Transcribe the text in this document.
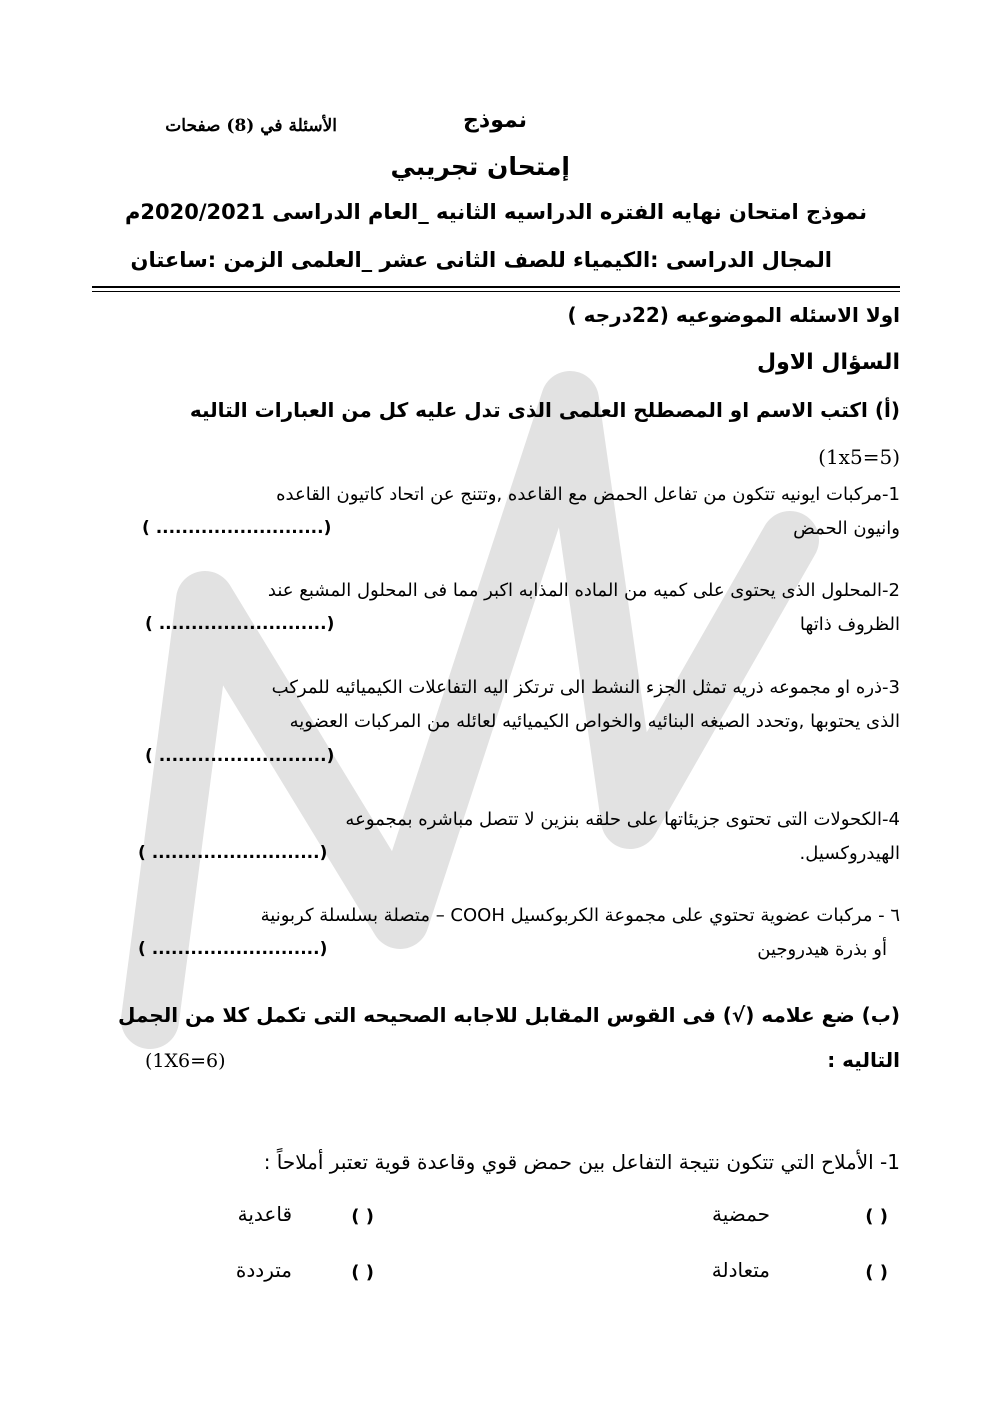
نموذج
الأسئلة في (8) صفحات
إمتحان تجريبي
نموذج امتحان نهايه الفتره الدراسيه الثانيه _العام الدراسى 2020/2021م
المجال الدراسى :الكيمياء للصف الثانى عشر _العلمى الزمن :ساعتان
اولا الاسئله الموضوعيه (22درجه )
السؤال الاول
(أ) اكتب الاسم او المصطلح العلمى الذى تدل عليه كل من العبارات التاليه
(5=1x5)
1-مركبات ايونيه تتكون من تفاعل الحمض مع القاعده ,وتتنج عن اتحاد كاتيون القاعده
وانيون الحمض
(.......................... )
2-المحلول الذى يحتوى على كميه من الماده المذابه اكبر مما فى المحلول المشبع عند
الظروف ذاتها
(.......................... )
3-ذره او مجموعه ذريه تمثل الجزء النشط الى ترتكز اليه التفاعلات الكيميائيه للمركب
الذى يحتوبها ,وتحدد الصيغه البنائيه والخواص الكيميائيه لعائله من المركبات العضويه
(.......................... )
4-الكحولات التى تحتوى جزيئاتها على حلقه بنزين لا تتصل مباشره بمجموعه
الهيدروكسيل.
(.......................... )
٦ - مركبات عضوية تحتوي على مجموعة الكربوكسيل COOH – متصلة بسلسلة كربونية
أو بذرة هيدروجين
(.......................... )
(ب) ضع علامه (√) فى القوس المقابل للاجابه الصحيحه التى تكمل كلا من الجمل
التاليه :
(6=1X6)
1- الأملاح التي تتكون نتيجة التفاعل بين حمض قوي وقاعدة قوية تعتبر أملاحاً :
( )
حمضية
( )
قاعدية
( )
متعادلة
( )
مترددة
